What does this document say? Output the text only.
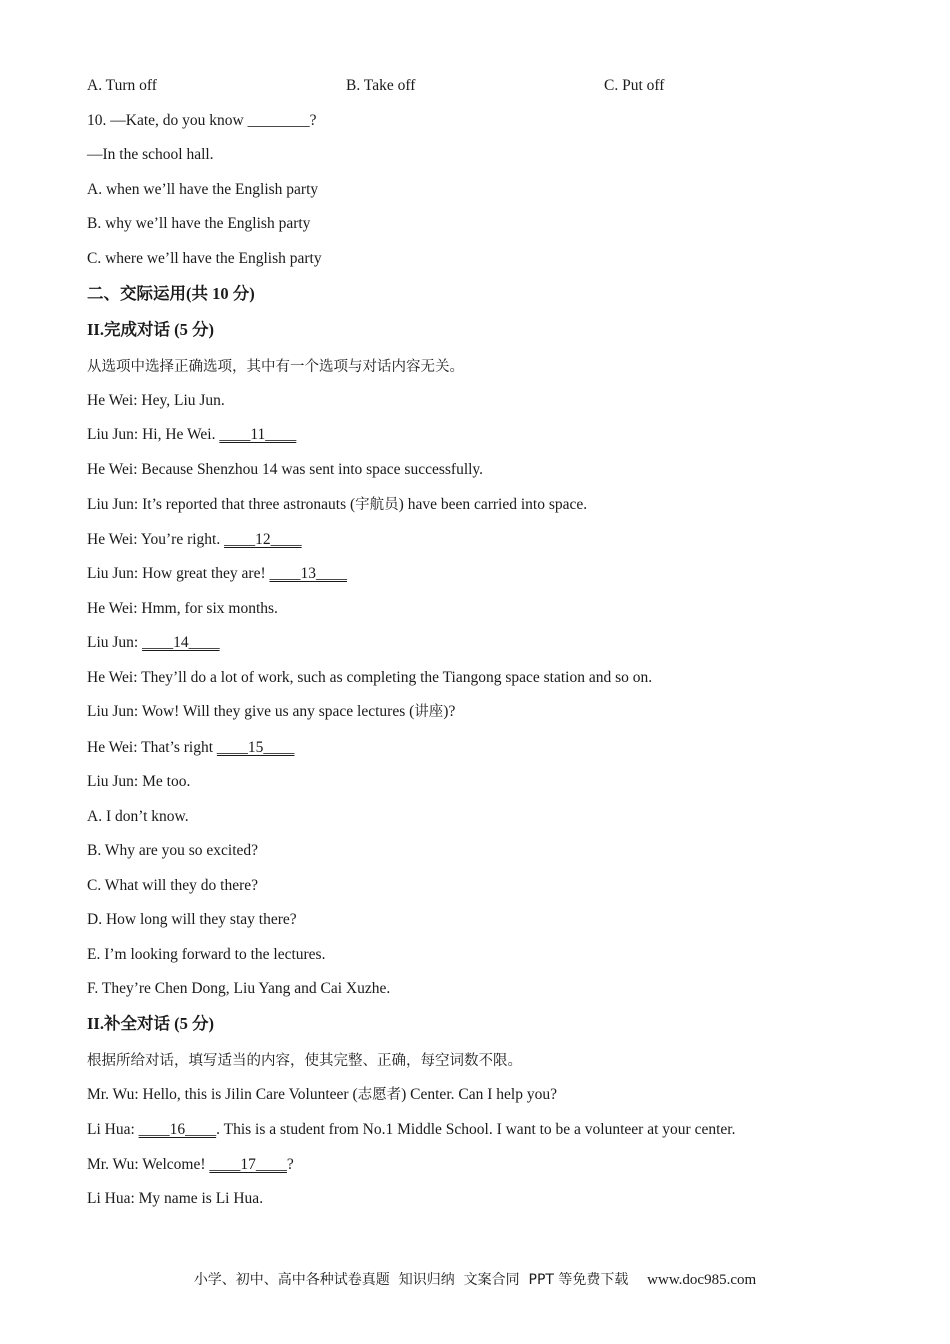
A. Turn off	B. Take off	C. Put off
10. —Kate, do you know ________?
—In the school hall.
A. when we’ll have the English party
B. why we’ll have the English party
C. where we’ll have the English party
二、交际运用(共 10 分)
II.完成对话 (5 分)
从选项中选择正确选项，其中有一个选项与对话内容无关。
He Wei: Hey, Liu Jun.
Liu Jun: Hi, He Wei. ____11____
He Wei: Because Shenzhou 14 was sent into space successfully.
Liu Jun: It’s reported that three astronauts (宇航员) have been carried into space.
He Wei: You’re right. ____12____
Liu Jun: How great they are! ____13____
He Wei: Hmm, for six months.
Liu Jun: ____14____
He Wei: They’ll do a lot of work, such as completing the Tiangong space station and so on.
Liu Jun: Wow! Will they give us any space lectures (讲座)?
He Wei: That’s right ____15____
Liu Jun: Me too.
A. I don’t know.
B. Why are you so excited?
C. What will they do there?
D. How long will they stay there?
E. I’m looking forward to the lectures.
F. They’re Chen Dong, Liu Yang and Cai Xuzhe.
II.补全对话 (5 分)
根据所给对话，填写适当的内容，使其完整、正确，每空词数不限。
Mr. Wu: Hello, this is Jilin Care Volunteer (志愿者) Center. Can I help you?
Li Hua: ____16____. This is a student from No.1 Middle School. I want to be a volunteer at your center.
Mr. Wu: Welcome! ____17____?
Li Hua: My name is Li Hua.
小学、初中、高中各种试卷真题  知识归纳  文案合同  PPT 等免费下载 www.doc985.com
